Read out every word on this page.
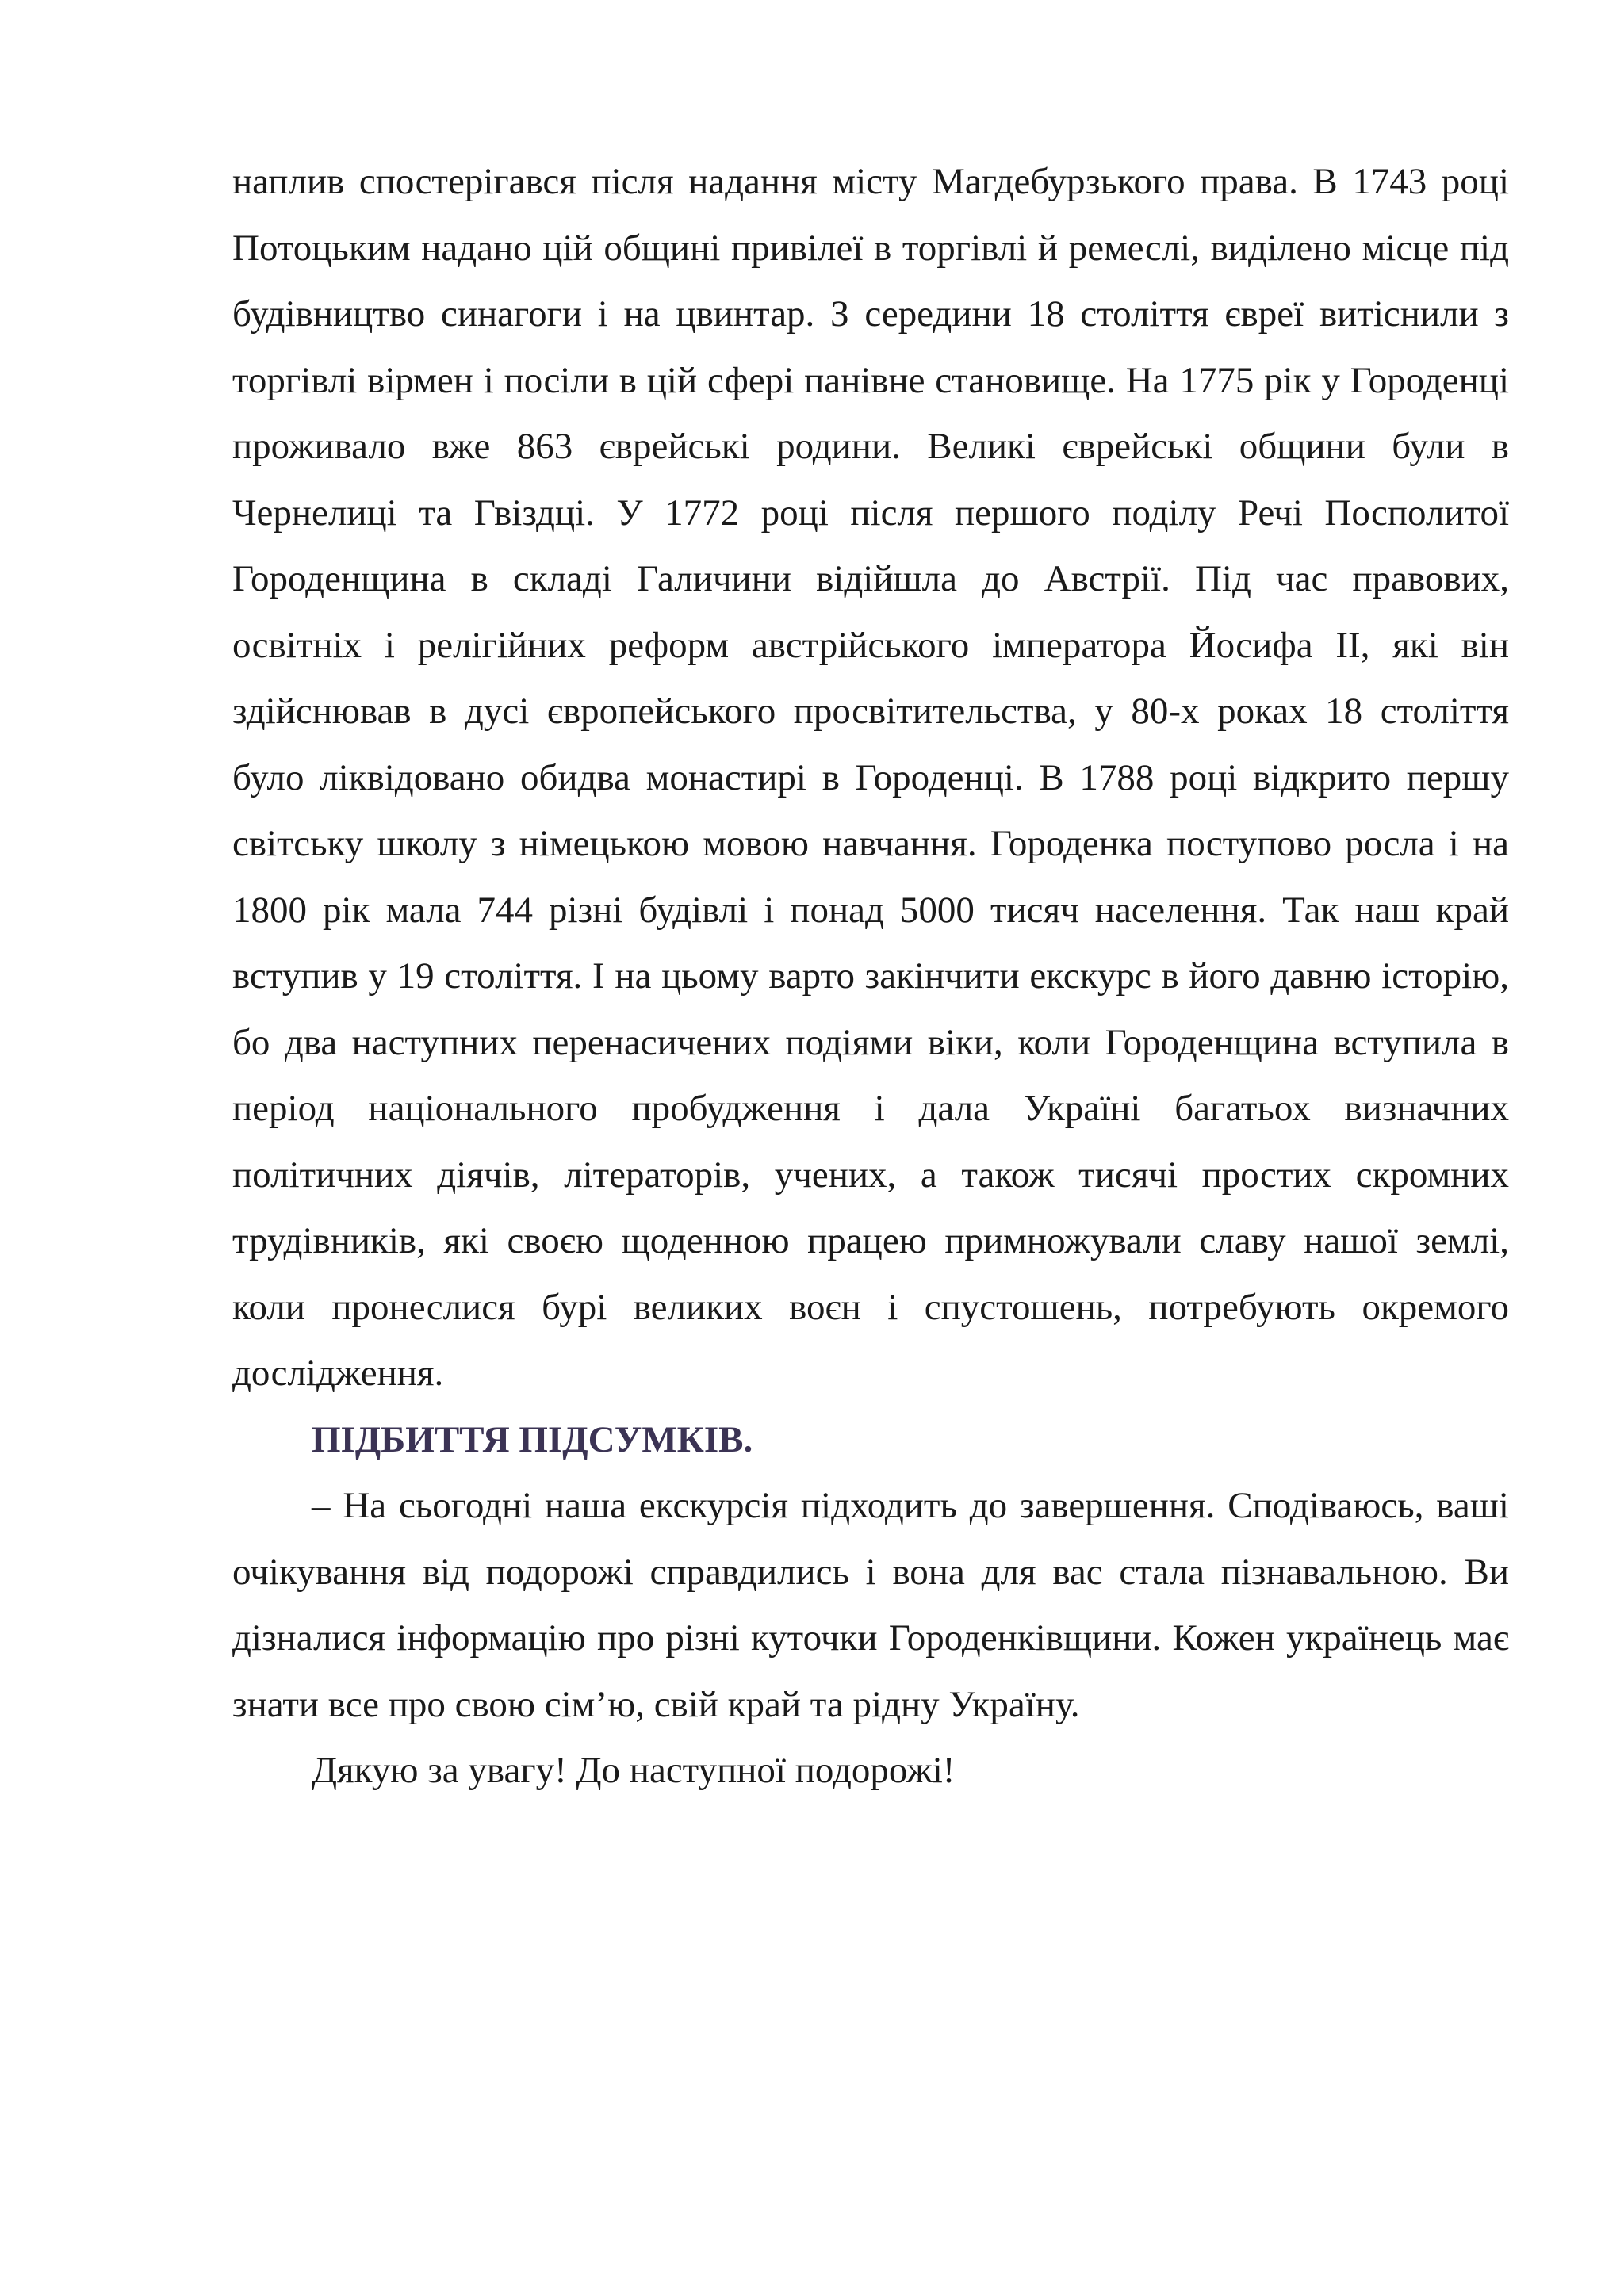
наплив спостерігався після надання місту Магдебурзького права. В 1743 році Потоцьким надано цій общині привілеї в торгівлі й ремеслі, виділено місце під будівництво синагоги і на цвинтар. З середини 18 століття євреї витіснили з торгівлі вірмен і посіли в цій сфері панівне становище. На 1775 рік у Городенці проживало вже 863 єврейські родини. Великі єврейські общини були в Чернелиці та Гвіздці. У 1772 році після першого поділу Речі Посполитої Городенщина в складі Галичини відійшла до Австрії. Під час правових, освітніх і релігійних реформ австрійського імператора Йосифа ІІ, які він здійснював в дусі європейського просвітительства, у 80-х роках 18 століття було ліквідовано обидва монастирі в Городенці. В 1788 році відкрито першу світську школу з німецькою мовою навчання. Городенка поступово росла і на 1800 рік мала 744 різні будівлі і понад 5000 тисяч населення. Так наш край вступив у 19 століття. І на цьому варто закінчити екскурс в його давню історію, бо два наступних перенасичених подіями віки, коли Городенщина вступила в період національного пробудження і дала Україні багатьох визначних політичних діячів, літераторів, учених, а також тисячі простих скромних трудівників, які своєю щоденною працею примножували славу нашої землі, коли пронеслися бурі великих воєн і спустошень, потребують окремого дослідження.

ПІДБИТТЯ ПІДСУМКІВ.

– На сьогодні наша екскурсія підходить до завершення. Сподіваюсь, ваші очікування від подорожі справдились і вона для вас стала пізнавальною. Ви дізналися інформацію про різні куточки Городенківщини. Кожен українець має знати все про свою сім’ю, свій край та рідну Україну.

Дякую за увагу! До наступної подорожі!
